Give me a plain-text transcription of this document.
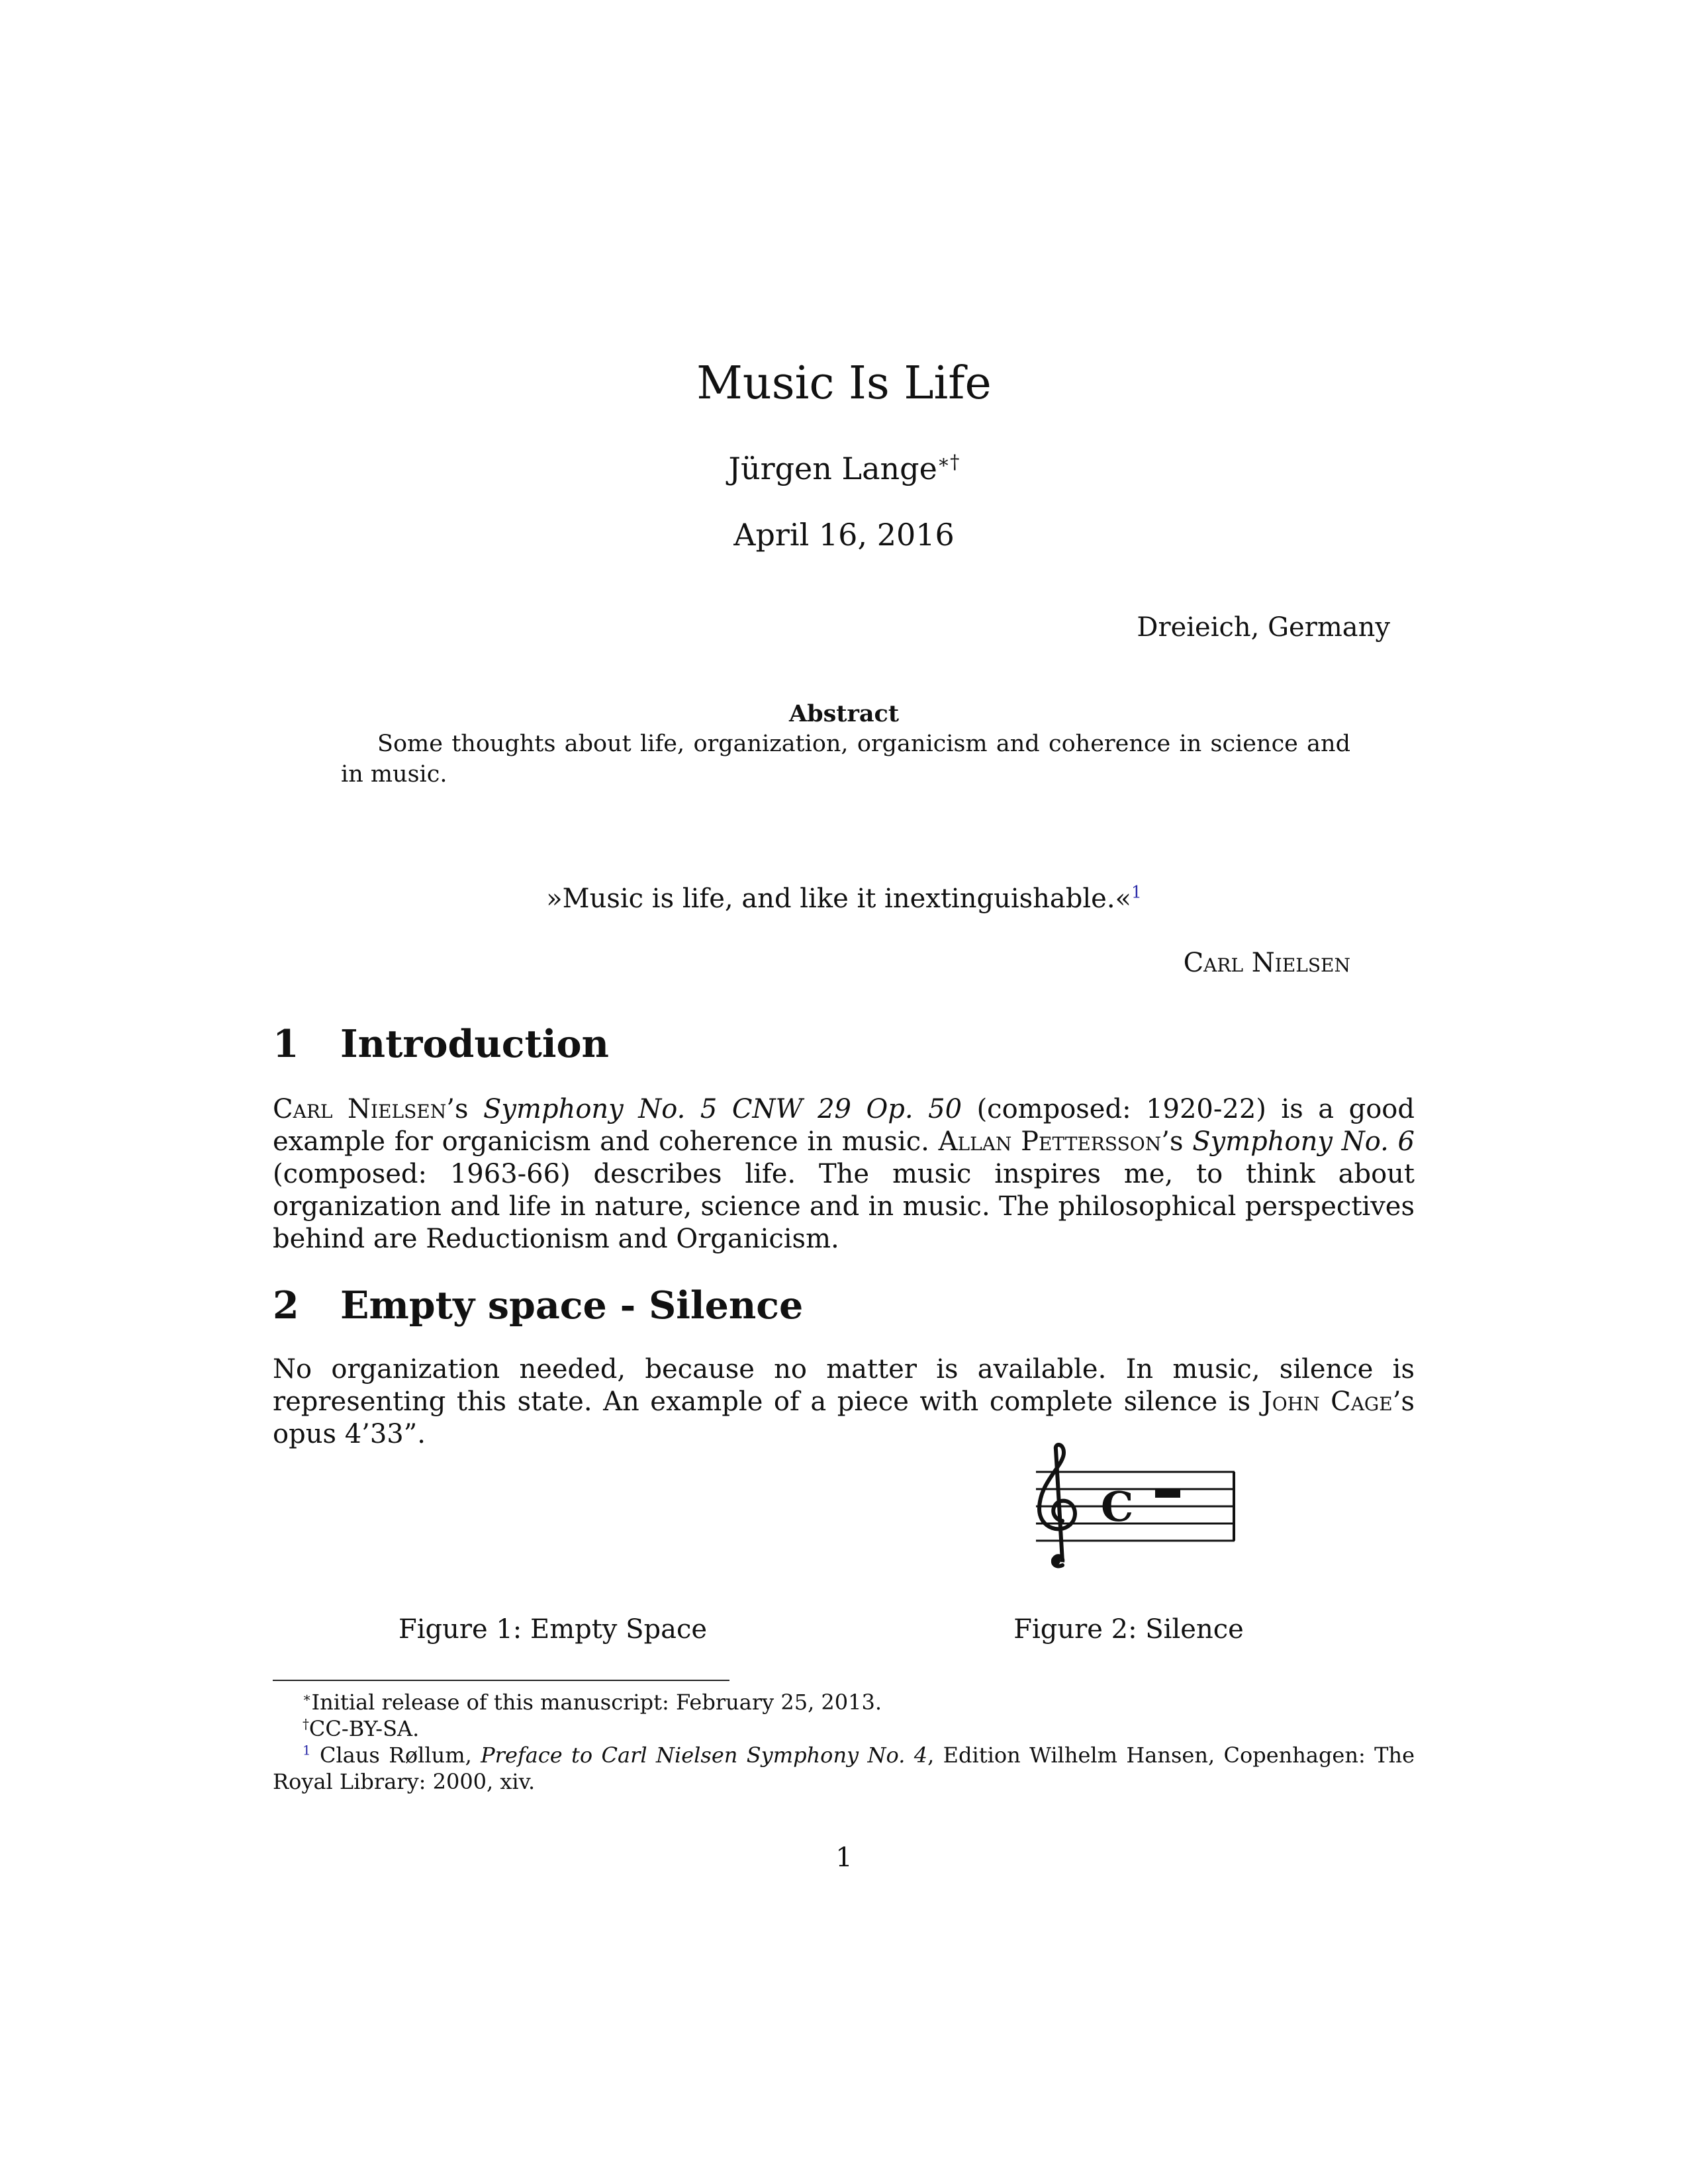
Music Is Life
Jürgen Lange∗†
April 16, 2016
Dreieich, Germany
Abstract
Some thoughts about life, organization, organicism and coherence in science and in music.
»Music is life, and like it inextinguishable.«$^1$
Carl Nielsen
1 Introduction
Carl Nielsen’s Symphony No. 5 CNW 29 Op. 50 (composed: 1920-22) is a good example for organicism and coherence in music. Allan Pettersson’s Symphony No. 6 (composed: 1963-66) describes life. The music inspires me, to think about organization and life in nature, science and in music. The philosophical perspectives behind are Reductionism and Organicism.
2 Empty space - Silence
No organization needed, because no matter is available. In music, silence is representing this state. An example of a piece with complete silence is John Cage’s opus 4’33”.
C
Figure 1: Empty Space	Figure 2: Silence
∗Initial release of this manuscript: February 25, 2013.
†CC-BY-SA.
$^1$ Claus Røllum, Preface to Carl Nielsen Symphony No. 4, Edition Wilhelm Hansen, Copenhagen: The Royal Library: 2000, xiv.
1
